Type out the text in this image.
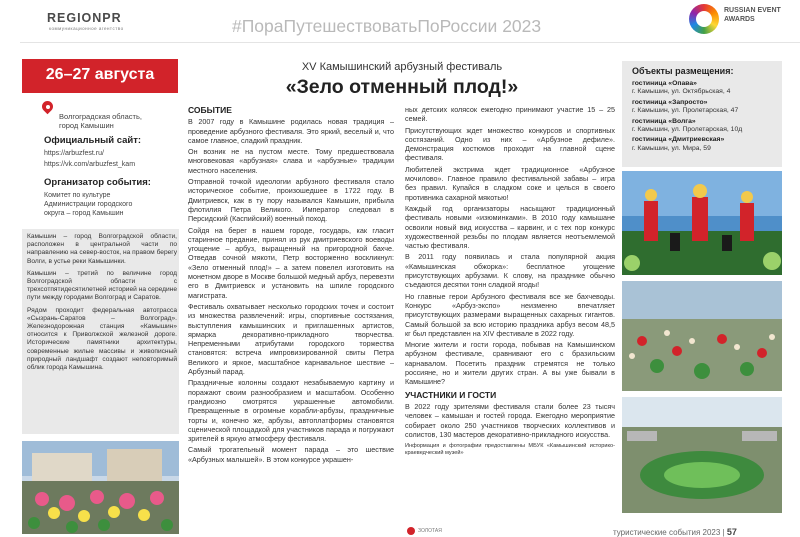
REGIONPR
коммуникационное агентство	#ПораПутешествоватьПоРоссии 2023
RUSSIAN EVENT AWARDS
26–27 августа
Волгоградская область,
город Камышин
Официальный сайт:
https://arbuzfest.ru/
https://vk.com/arbuzfest_kam
Организатор события:
Комитет по культуре
Администрации городского
округа – город Камышин

Камышин – город Волгоградской области, расположен в центральной части по направлению на север-восток, на правом берегу Волги, в устье реки Камышинки.

Камышин – третий по величине город Волгоградской области с трехсотпятидесятилетней историей на середине пути между городами Волгоград и Саратов.

Рядом проходит федеральная автотрасса «Сызрань-Саратов – Волгоград». Железнодорожная станция «Камышин» относится к Приволжской железной дороге. Исторические памятники архитектуры, современные жилые массивы и живописный природный ландшафт создают неповторимый облик города Камышина.

XV Камышинский арбузный фестиваль
«Зело отменный плод!»
СОБЫТИЕ

В 2007 году в Камышине родилась новая традиция – проведение арбузного фестиваля. Это яркий, веселый и, что самое главное, сладкий праздник.

Он возник не на пустом месте. Тому предшествовала многовековая «арбузная» слава и «арбузные» традиции местного населения.

Отправной точкой идеологии арбузного фестиваля стало историческое событие, произошедшее в 1722 году. В Дмитриевск, как в ту пору назывался Камышин, прибыла флотилия Петра Великого. Император следовал в Персидский (Каспийский) военный поход.

Сойдя на берег в нашем городе, государь, как гласит старинное предание, принял из рук дмитриевского воеводы угощение – арбуз, выращенный на пригородной бахче. Отведав сочной мякоти, Петр восторженно воскликнул: «Зело отменный плод!» – а затем повелел изготовить на монетном дворе в Москве большой медный арбуз, перевезти его в Дмитриевск и установить на шпиле городского магистрата.

Фестиваль охватывает несколько городских точек и состоит из множества развлечений: игры, спортивные состязания, выступления камышинских и приглашенных артистов, ярмарка декоративно-прикладного творчества. Непременными атрибутами городского торжества становятся: встреча импровизированной свиты Петра Великого и яркое, масштабное карнавальное шествие – Арбузный парад.

Праздничные колонны создают незабываемую картину и поражают своим разнообразием и масштабом. Особенно грандиозно смотрятся украшенные автомобили. Превращенные в огромные корабли-арбузы, праздничные торты и, конечно же, арбузы, автоплатформы становятся сценической площадкой для участников парада и погружают зрителей в яркую атмосферу фестиваля.

Самый трогательный момент парада – это шествие «Арбузных малышей». В этом конкурсе украшен-

ных детских колясок ежегодно принимают участие 15 – 25 семей.

Присутствующих ждет множество конкурсов и спортивных состязаний. Одно из них – «Арбузное дефиле». Демонстрация костюмов проходит на главной сцене фестиваля.

Любителей экстрима ждет традиционное «Арбузное мочилово». Главное правило фестивальной забавы – игра без правил. Купайся в сладком соке и целься в своего противника сахарной мякотью!

Каждый год организаторы насыщают традиционный фестиваль новыми «изюминками». В 2010 году камышане освоили новый вид искусства – карвинг, и с тех пор конкурс художественной резьбы по плодам является неотъемлемой частью фестиваля.

В 2011 году появилась и стала популярной акция «Камышинская обжорка»: бесплатное угощение присутствующих арбузами. К слову, на празднике обычно съедаются десятки тонн сладкой ягоды!

Но главные герои Арбузного фестиваля все же бахчеводы. Конкурс «Арбуз-экспо» неизменно впечатляет присутствующих размерами выращенных сахарных гигантов. Самый большой за всю историю праздника арбуз весом 48,5 кг был представлен на XIV фестивале в 2022 году.

Многие жители и гости города, побывав на Камышинском арбузном фестивале, сравнивают его с бразильским карнавалом. Посетить праздник стремятся не только россияне, но и жители других стран. А вы уже бывали в Камышине?

УЧАСТНИКИ И ГОСТИ

В 2022 году зрителями фестиваля стали более 23 тысяч человек – камышан и гостей города. Ежегодно мероприятие собирает около 250 участников творческих коллективов и солистов, 130 мастеров декоративно-прикладного искусства.

Информация и фотографии предоставлены МБУК «Камышинский историко-краеведческий музей»

Объекты размещения:
гостиница «Опава»
г. Камышин, ул. Октябрьская, 4
гостиница «Запросто»
г. Камышин, ул. Пролетарская, 47
гостиница «Волга»
г. Камышин, ул. Пролетарская, 10д
гостиница «Дмитриевская»
г. Камышин, ул. Мира, 59
ЗОЛОТАЯ	туристические события 2023 | 57
